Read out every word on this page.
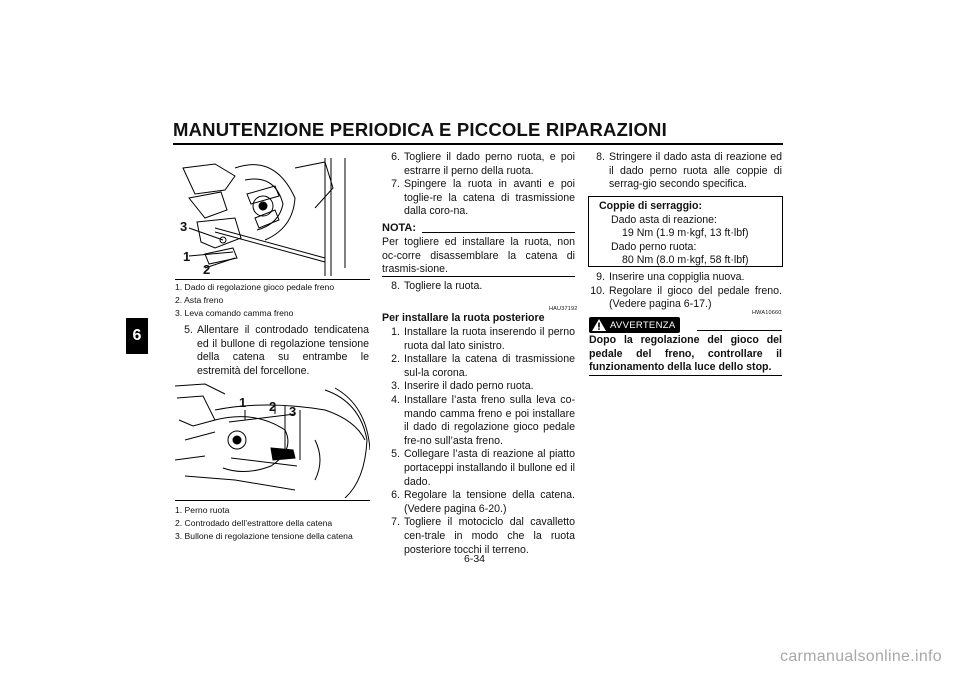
MANUTENZIONE PERIODICA E PICCOLE RIPARAZIONI
6
3
1
2
1. Dado di regolazione gioco pedale freno
2. Asta freno
3. Leva comando camma freno
5. Allentare il controdado tendicatena ed il bullone di regolazione tensione della catena su entrambe le estremità del forcellone.
1 2 3
1. Perno ruota
2. Controdado dell’estrattore della catena
3. Bullone di regolazione tensione della catena
6. Togliere il dado perno ruota, e poi estrarre il perno della ruota.
7. Spingere la ruota in avanti e poi toglie-re la catena di trasmissione dalla coro-na.
NOTA:
Per togliere ed installare la ruota, non oc-corre disassemblare la catena di trasmis-sione.
8. Togliere la ruota.
HAU37192
Per installare la ruota posteriore
1. Installare la ruota inserendo il perno ruota dal lato sinistro.
2. Installare la catena di trasmissione sul-la corona.
3. Inserire il dado perno ruota.
4. Installare l’asta freno sulla leva co-mando camma freno e poi installare il dado di regolazione gioco pedale fre-no sull’asta freno.
5. Collegare l’asta di reazione al piatto portaceppi installando il bullone ed il dado.
6. Regolare la tensione della catena. (Vedere pagina 6-20.)
7. Togliere il motociclo dal cavalletto cen-trale in modo che la ruota posteriore tocchi il terreno.
8. Stringere il dado asta di reazione ed il dado perno ruota alle coppie di serrag-gio secondo specifica.
Coppie di serraggio:
Dado asta di reazione:
19 Nm (1.9 m·kgf, 13 ft·lbf)
Dado perno ruota:
80 Nm (8.0 m·kgf, 58 ft·lbf)
9. Inserire una coppiglia nuova.
10. Regolare il gioco del pedale freno. (Vedere pagina 6-17.)
HWA10660
AVVERTENZA
Dopo la regolazione del gioco del pedale del freno, controllare il funzionamento della luce dello stop.
6-34
carmanualsonline.info
